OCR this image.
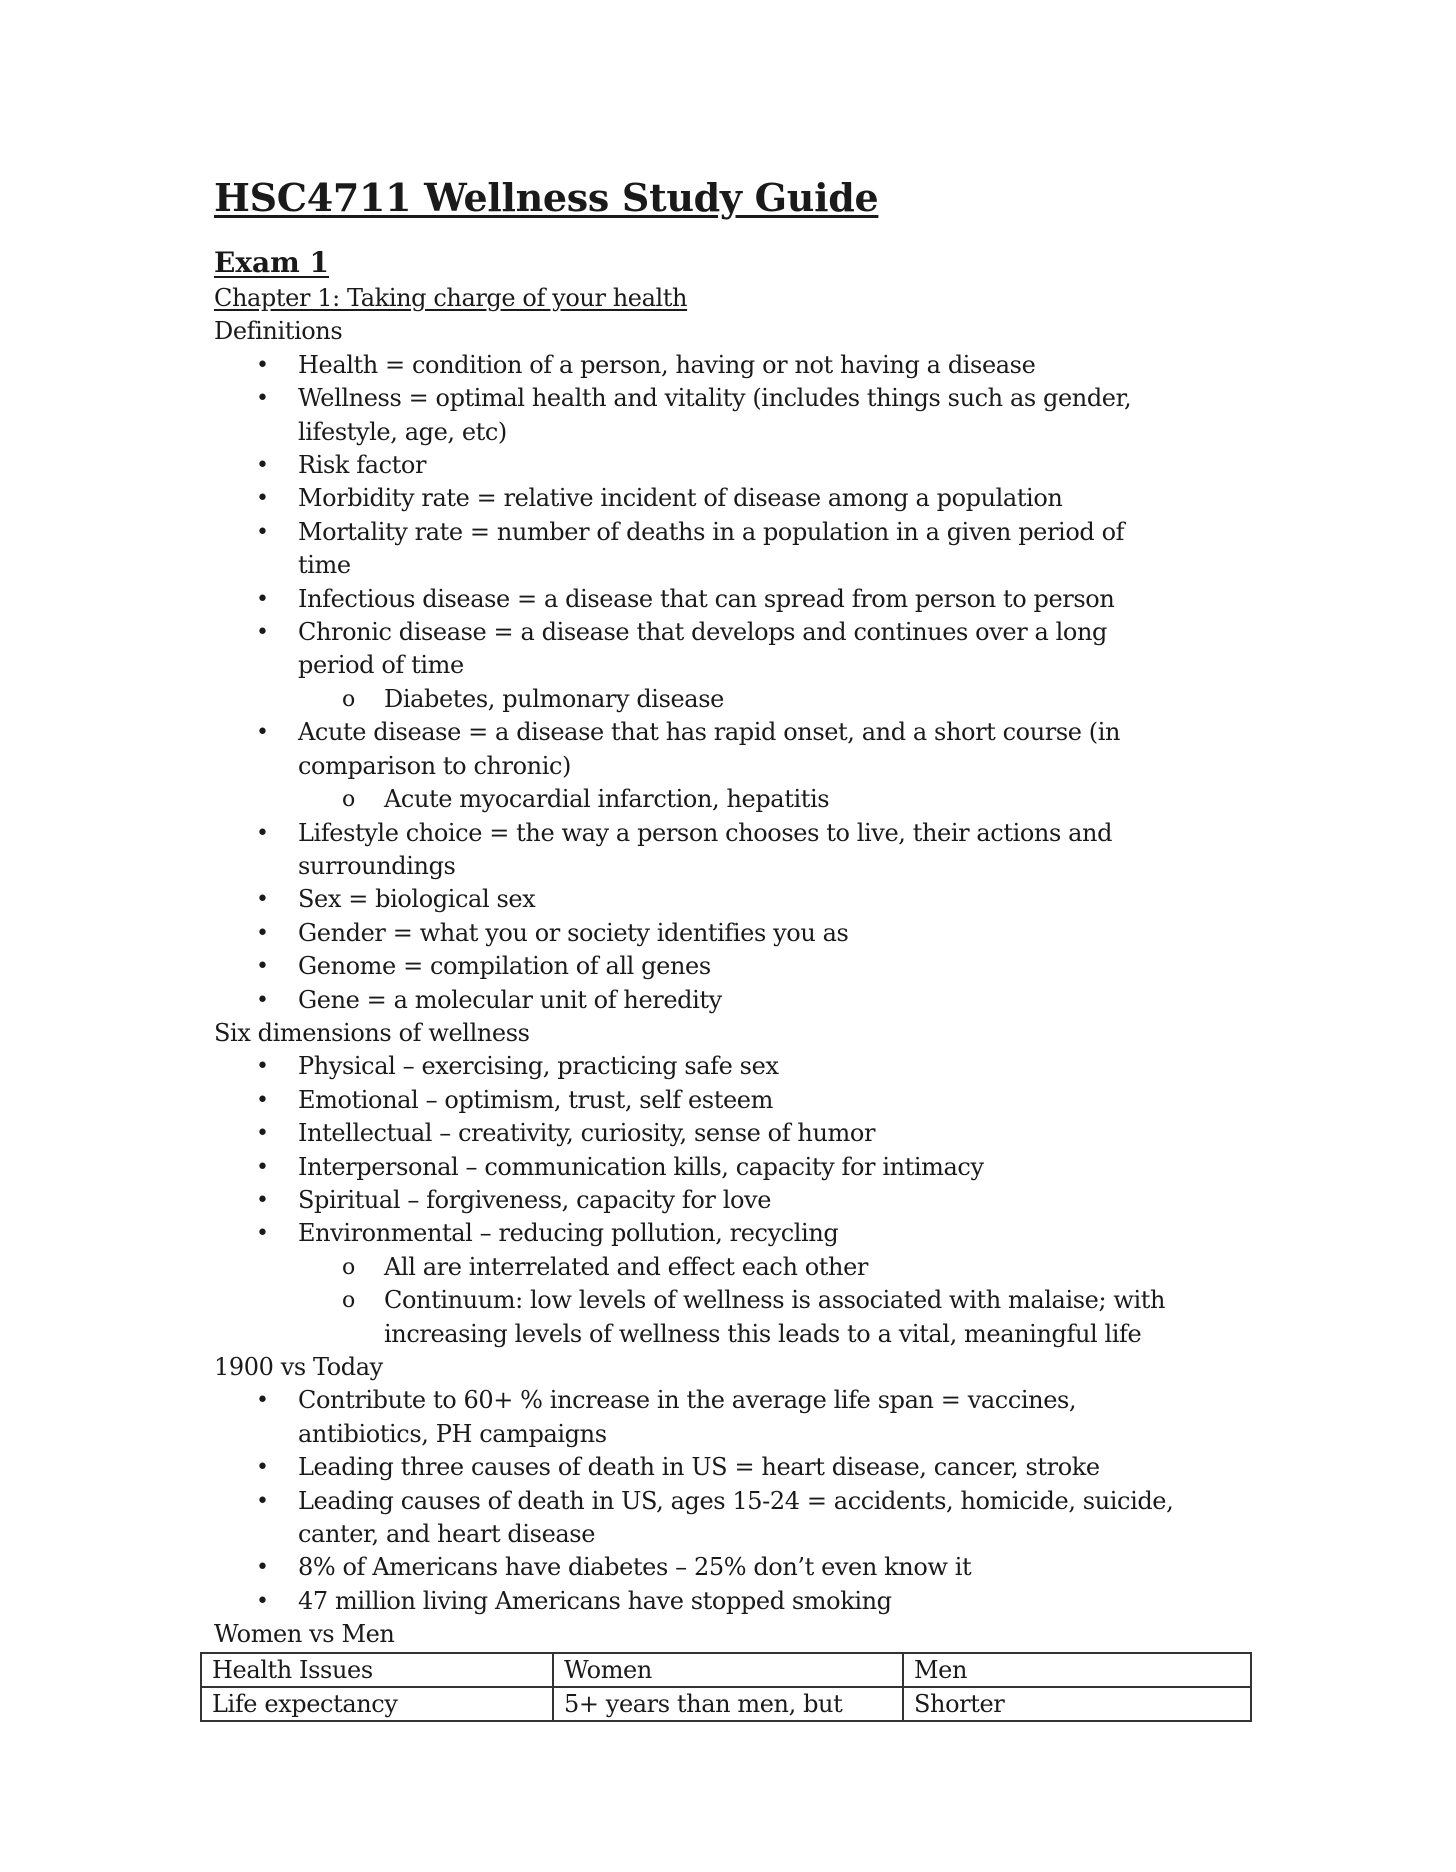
HSC4711 Wellness Study Guide
Exam 1
Chapter 1: Taking charge of your health
Definitions
• Health = condition of a person, having or not having a disease
• Wellness = optimal health and vitality (includes things such as gender, lifestyle, age, etc)
• Risk factor
• Morbidity rate = relative incident of disease among a population
• Mortality rate = number of deaths in a population in a given period of time
• Infectious disease = a disease that can spread from person to person
• Chronic disease = a disease that develops and continues over a long period of time
o Diabetes, pulmonary disease
• Acute disease = a disease that has rapid onset, and a short course (in comparison to chronic)
o Acute myocardial infarction, hepatitis
• Lifestyle choice = the way a person chooses to live, their actions and surroundings
• Sex = biological sex
• Gender = what you or society identifies you as
• Genome = compilation of all genes
• Gene = a molecular unit of heredity
Six dimensions of wellness
• Physical – exercising, practicing safe sex
• Emotional – optimism, trust, self esteem
• Intellectual – creativity, curiosity, sense of humor
• Interpersonal – communication kills, capacity for intimacy
• Spiritual – forgiveness, capacity for love
• Environmental – reducing pollution, recycling
o All are interrelated and effect each other
o Continuum: low levels of wellness is associated with malaise; with increasing levels of wellness this leads to a vital, meaningful life
1900 vs Today
• Contribute to 60+ % increase in the average life span = vaccines, antibiotics, PH campaigns
• Leading three causes of death in US = heart disease, cancer, stroke
• Leading causes of death in US, ages 15-24 = accidents, homicide, suicide, canter, and heart disease
• 8% of Americans have diabetes – 25% don’t even know it
• 47 million living Americans have stopped smoking
Women vs Men
Health Issues	Women	Men
Life expectancy	5+ years than men, but	Shorter
